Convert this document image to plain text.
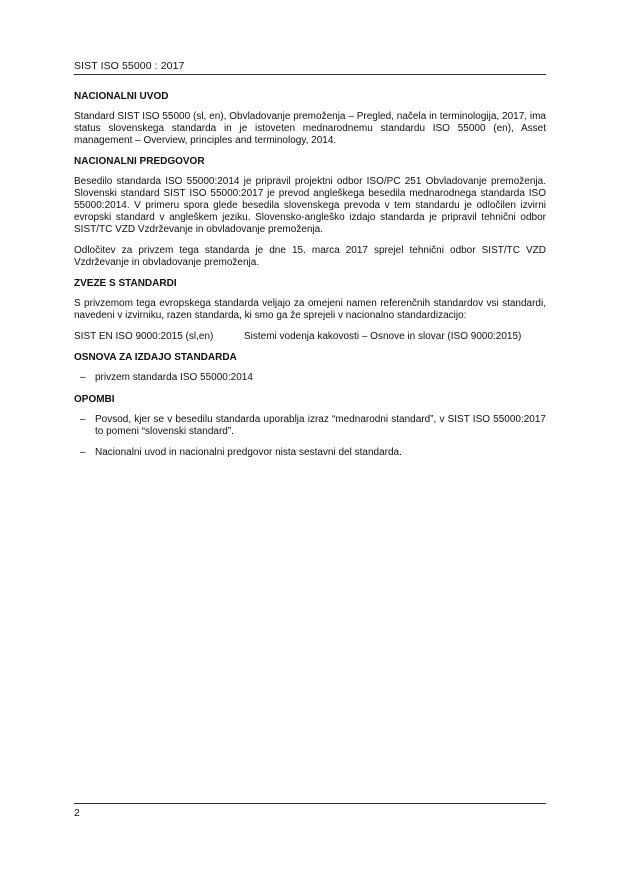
SIST ISO 55000 : 2017
NACIONALNI UVOD

Standard SIST ISO 55000 (sl, en), Obvladovanje premoženja – Pregled, načela in terminologija, 2017, ima status slovenskega standarda in je istoveten mednarodnemu standardu ISO 55000 (en), Asset management – Overview, principles and terminology, 2014.

NACIONALNI PREDGOVOR

Besedilo standarda ISO 55000:2014 je pripravil projektni odbor ISO/PC 251 Obvladovanje premoženja. Slovenski standard SIST ISO 55000:2017 je prevod angleškega besedila mednarodnega standarda ISO 55000:2014. V primeru spora glede besedila slovenskega prevoda v tem standardu je odločilen izvirni evropski standard v angleškem jeziku. Slovensko-angleško izdajo standarda je pripravil tehnični odbor SIST/TC VZD Vzdrževanje in obvladovanje premoženja.

Odločitev za privzem tega standarda je dne 15. marca 2017 sprejel tehnični odbor SIST/TC VZD Vzdrževanje in obvladovanje premoženja.

ZVEZE S STANDARDI

S privzemom tega evropskega standarda veljajo za omejeni namen referenčnih standardov vsi standardi, navedeni v izvirniku, razen standarda, ki smo ga že sprejeli v nacionalno standardizacijo:

SIST EN ISO 9000:2015 (sl,en)	Sistemi vodenja kakovosti – Osnove in slovar (ISO 9000:2015)
OSNOVA ZA IZDAJO STANDARDA
– privzem standarda ISO 55000:2014
OPOMBI
– Povsod, kjer se v besedilu standarda uporablja izraz “mednarodni standard”, v SIST ISO 55000:2017 to pomeni “slovenski standard”.
– Nacionalni uvod in nacionalni predgovor nista sestavni del standarda.
2
